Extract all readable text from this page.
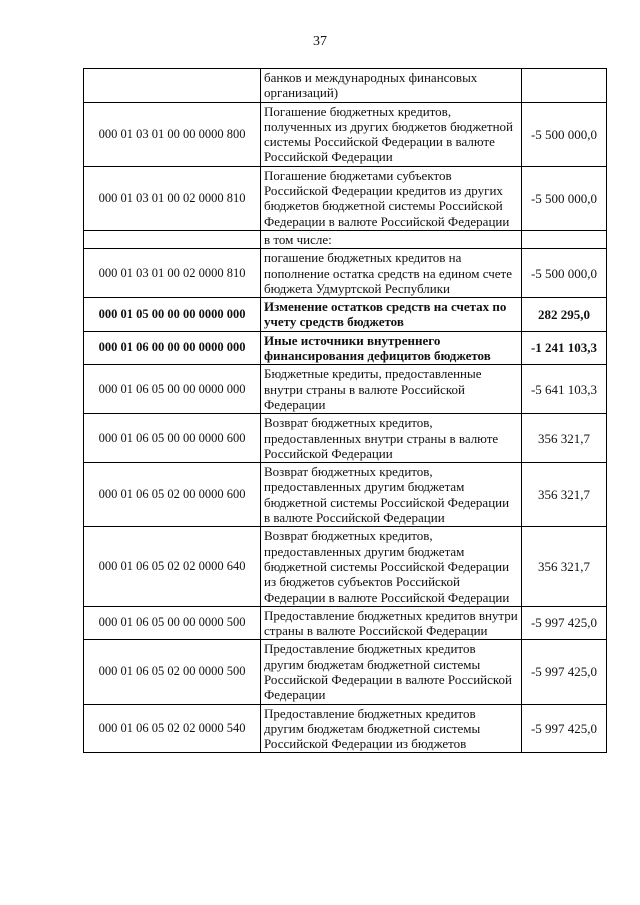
37
	банков и международных финансовых организаций)	
000 01 03 01 00 00 0000 800	Погашение бюджетных кредитов, полученных из других бюджетов бюджетной системы Российской Федерации в валюте Российской Федерации	-5 500 000,0
000 01 03 01 00 02 0000 810	Погашение бюджетами субъектов Российской Федерации кредитов из других бюджетов бюджетной системы Российской Федерации в валюте Российской Федерации	-5 500 000,0
	в том числе:	
000 01 03 01 00 02 0000 810	погашение бюджетных кредитов на пополнение остатка средств на едином счете бюджета Удмуртской Республики	-5 500 000,0
000 01 05 00 00 00 0000 000	Изменение остатков средств на счетах по учету средств бюджетов	282 295,0
000 01 06 00 00 00 0000 000	Иные источники внутреннего финансирования дефицитов бюджетов	-1 241 103,3
000 01 06 05 00 00 0000 000	Бюджетные кредиты, предоставленные внутри страны в валюте Российской Федерации	-5 641 103,3
000 01 06 05 00 00 0000 600	Возврат бюджетных кредитов, предоставленных внутри страны в валюте Российской Федерации	356 321,7
000 01 06 05 02 00 0000 600	Возврат бюджетных кредитов, предоставленных другим бюджетам бюджетной системы Российской Федерации в валюте Российской Федерации	356 321,7
000 01 06 05 02 02 0000 640	Возврат бюджетных кредитов, предоставленных другим бюджетам бюджетной системы Российской Федерации из бюджетов субъектов Российской Федерации в валюте Российской Федерации	356 321,7
000 01 06 05 00 00 0000 500	Предоставление бюджетных кредитов внутри страны в валюте Российской Федерации	-5 997 425,0
000 01 06 05 02 00 0000 500	Предоставление бюджетных кредитов другим бюджетам бюджетной системы Российской Федерации в валюте Российской Федерации	-5 997 425,0
000 01 06 05 02 02 0000 540	Предоставление бюджетных кредитов другим бюджетам бюджетной системы Российской Федерации из бюджетов	-5 997 425,0
